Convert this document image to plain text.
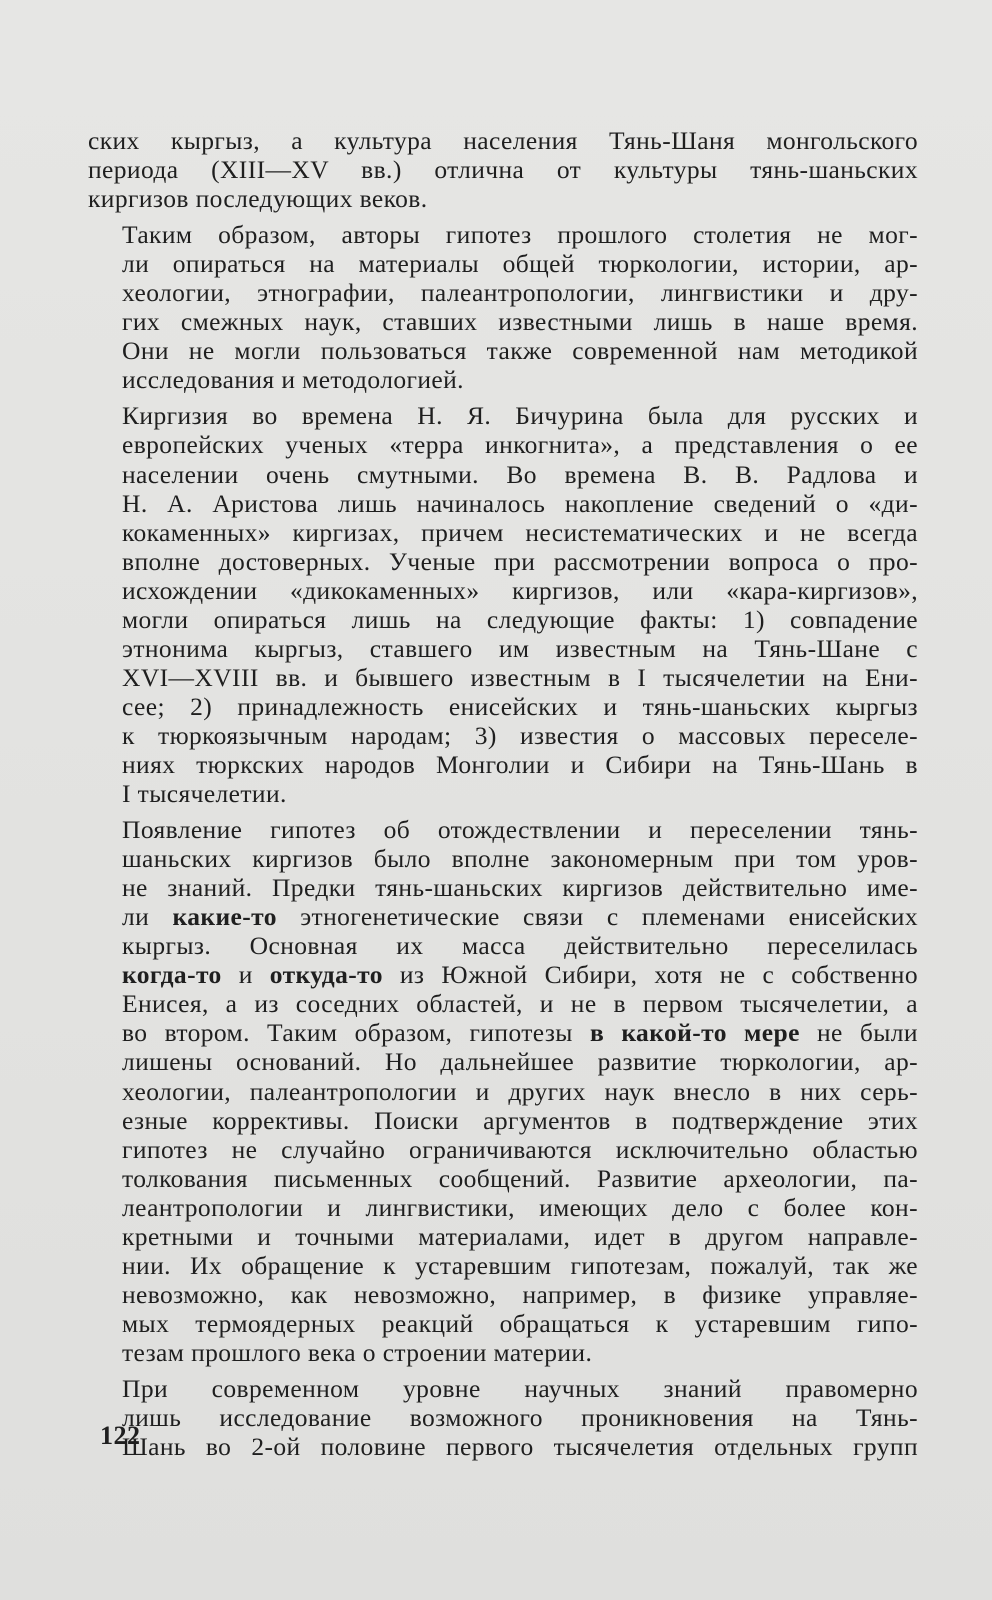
ских кыргыз, а культура населения Тянь-Шаня монгольского
периода (XIII—XV вв.) отлична от культуры тянь-шаньских
киргизов последующих веков.

Таким образом, авторы гипотез прошлого столетия не мог-
ли опираться на материалы общей тюркологии, истории, ар-
хеологии, этнографии, палеантропологии, лингвистики и дру-
гих смежных наук, ставших известными лишь в наше время.
Они не могли пользоваться также современной нам методикой
исследования и методологией.

Киргизия во времена Н. Я. Бичурина была для русских и
европейских ученых «терра инкогнита», а представления о ее
населении очень смутными. Во времена В. В. Радлова и
Н. А. Аристова лишь начиналось накопление сведений о «ди-
кокаменных» киргизах, причем несистематических и не всегда
вполне достоверных. Ученые при рассмотрении вопроса о про-
исхождении «дикокаменных» киргизов, или «кара-киргизов»,
могли опираться лишь на следующие факты: 1) совпадение
этнонима кыргыз, ставшего им известным на Тянь-Шане с
XVI—XVIII вв. и бывшего известным в I тысячелетии на Ени-
сее; 2) принадлежность енисейских и тянь-шаньских кыргыз
к тюркоязычным народам; 3) известия о массовых переселе-
ниях тюркских народов Монголии и Сибири на Тянь-Шань в
I тысячелетии.

Появление гипотез об отождествлении и переселении тянь-
шаньских киргизов было вполне закономерным при том уров-
не знаний. Предки тянь-шаньских киргизов действительно име-
ли какие-то этногенетические связи с племенами енисейских
кыргыз. Основная их масса действительно переселилась
когда-то и откуда-то из Южной Сибири, хотя не с собственно
Енисея, а из соседних областей, и не в первом тысячелетии, а
во втором. Таким образом, гипотезы в какой-то мере не были
лишены оснований. Но дальнейшее развитие тюркологии, ар-
хеологии, палеантропологии и других наук внесло в них серь-
езные коррективы. Поиски аргументов в подтверждение этих
гипотез не случайно ограничиваются исключительно областью
толкования письменных сообщений. Развитие археологии, па-
леантропологии и лингвистики, имеющих дело с более кон-
кретными и точными материалами, идет в другом направле-
нии. Их обращение к устаревшим гипотезам, пожалуй, так же
невозможно, как невозможно, например, в физике управляе-
мых термоядерных реакций обращаться к устаревшим гипо-
тезам прошлого века о строении материи.

При современном уровне научных знаний правомерно
лишь исследование возможного проникновения на Тянь-
Шань во 2-ой половине первого тысячелетия отдельных групп

122
